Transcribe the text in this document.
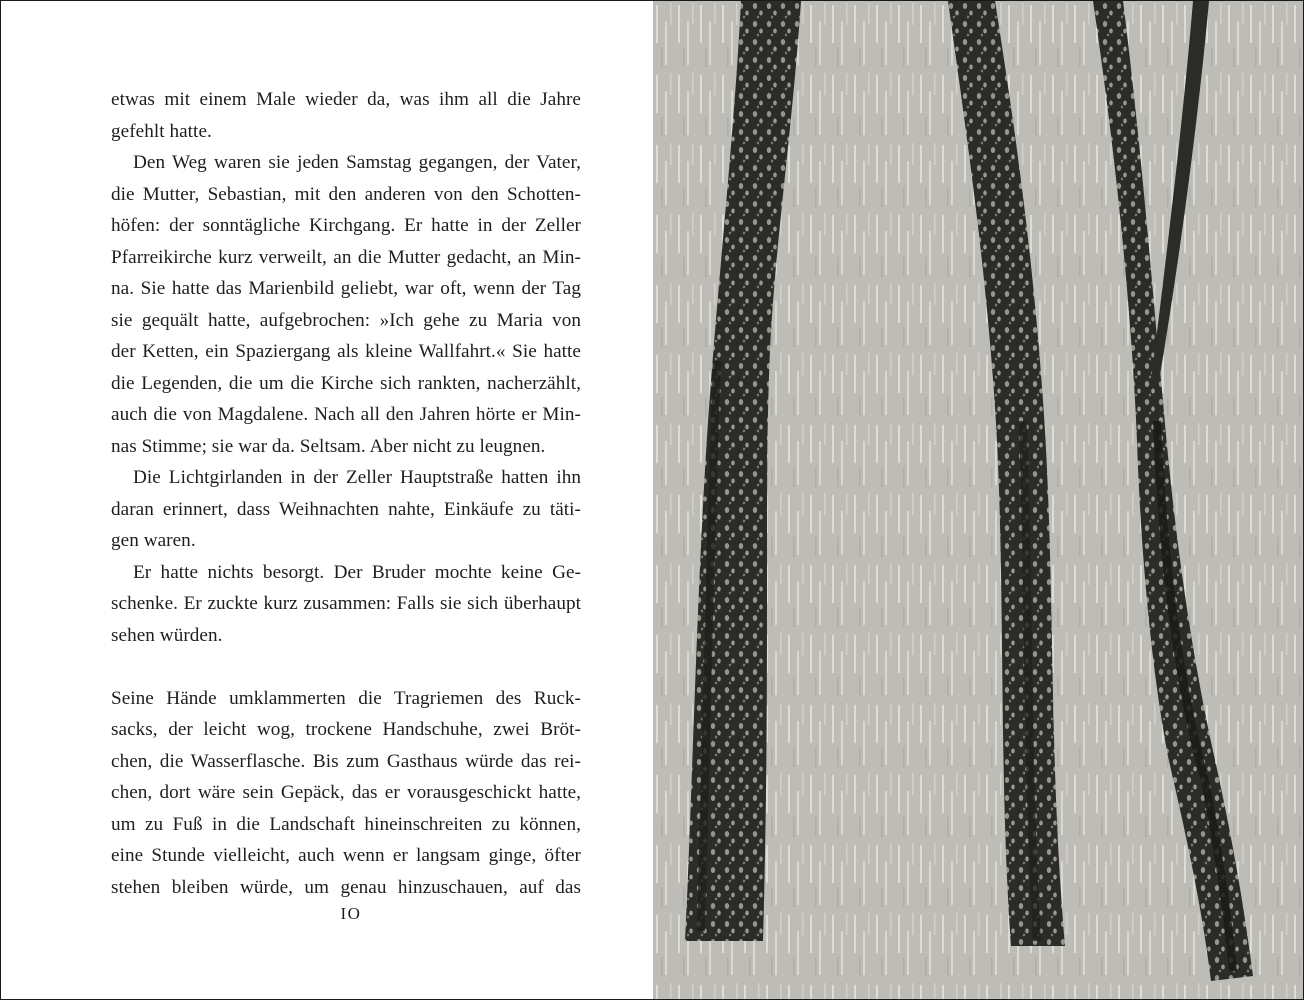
etwas mit einem Male wieder da, was ihm all die Jahre
gefehlt hatte.
Den Weg waren sie jeden Samstag gegangen, der Vater,
die Mutter, Sebastian, mit den anderen von den Schotten-
höfen: der sonntägliche Kirchgang. Er hatte in der Zeller
Pfarreikirche kurz verweilt, an die Mutter gedacht, an Min-
na. Sie hatte das Marienbild geliebt, war oft, wenn der Tag
sie gequält hatte, aufgebrochen: »Ich gehe zu Maria von
der Ketten, ein Spaziergang als kleine Wallfahrt.« Sie hatte
die Legenden, die um die Kirche sich rankten, nacherzählt,
auch die von Magdalene. Nach all den Jahren hörte er Min-
nas Stimme; sie war da. Seltsam. Aber nicht zu leugnen.
Die Lichtgirlanden in der Zeller Hauptstraße hatten ihn
daran erinnert, dass Weihnachten nahte, Einkäufe zu täti-
gen waren.
Er hatte nichts besorgt. Der Bruder mochte keine Ge-
schenke. Er zuckte kurz zusammen: Falls sie sich überhaupt
sehen würden.
Seine Hände umklammerten die Tragriemen des Ruck-
sacks, der leicht wog, trockene Handschuhe, zwei Bröt-
chen, die Wasserflasche. Bis zum Gasthaus würde das rei-
chen, dort wäre sein Gepäck, das er vorausgeschickt hatte,
um zu Fuß in die Landschaft hineinschreiten zu können,
eine Stunde vielleicht, auch wenn er langsam ginge, öfter
stehen bleiben würde, um genau hinzuschauen, auf das
IO
